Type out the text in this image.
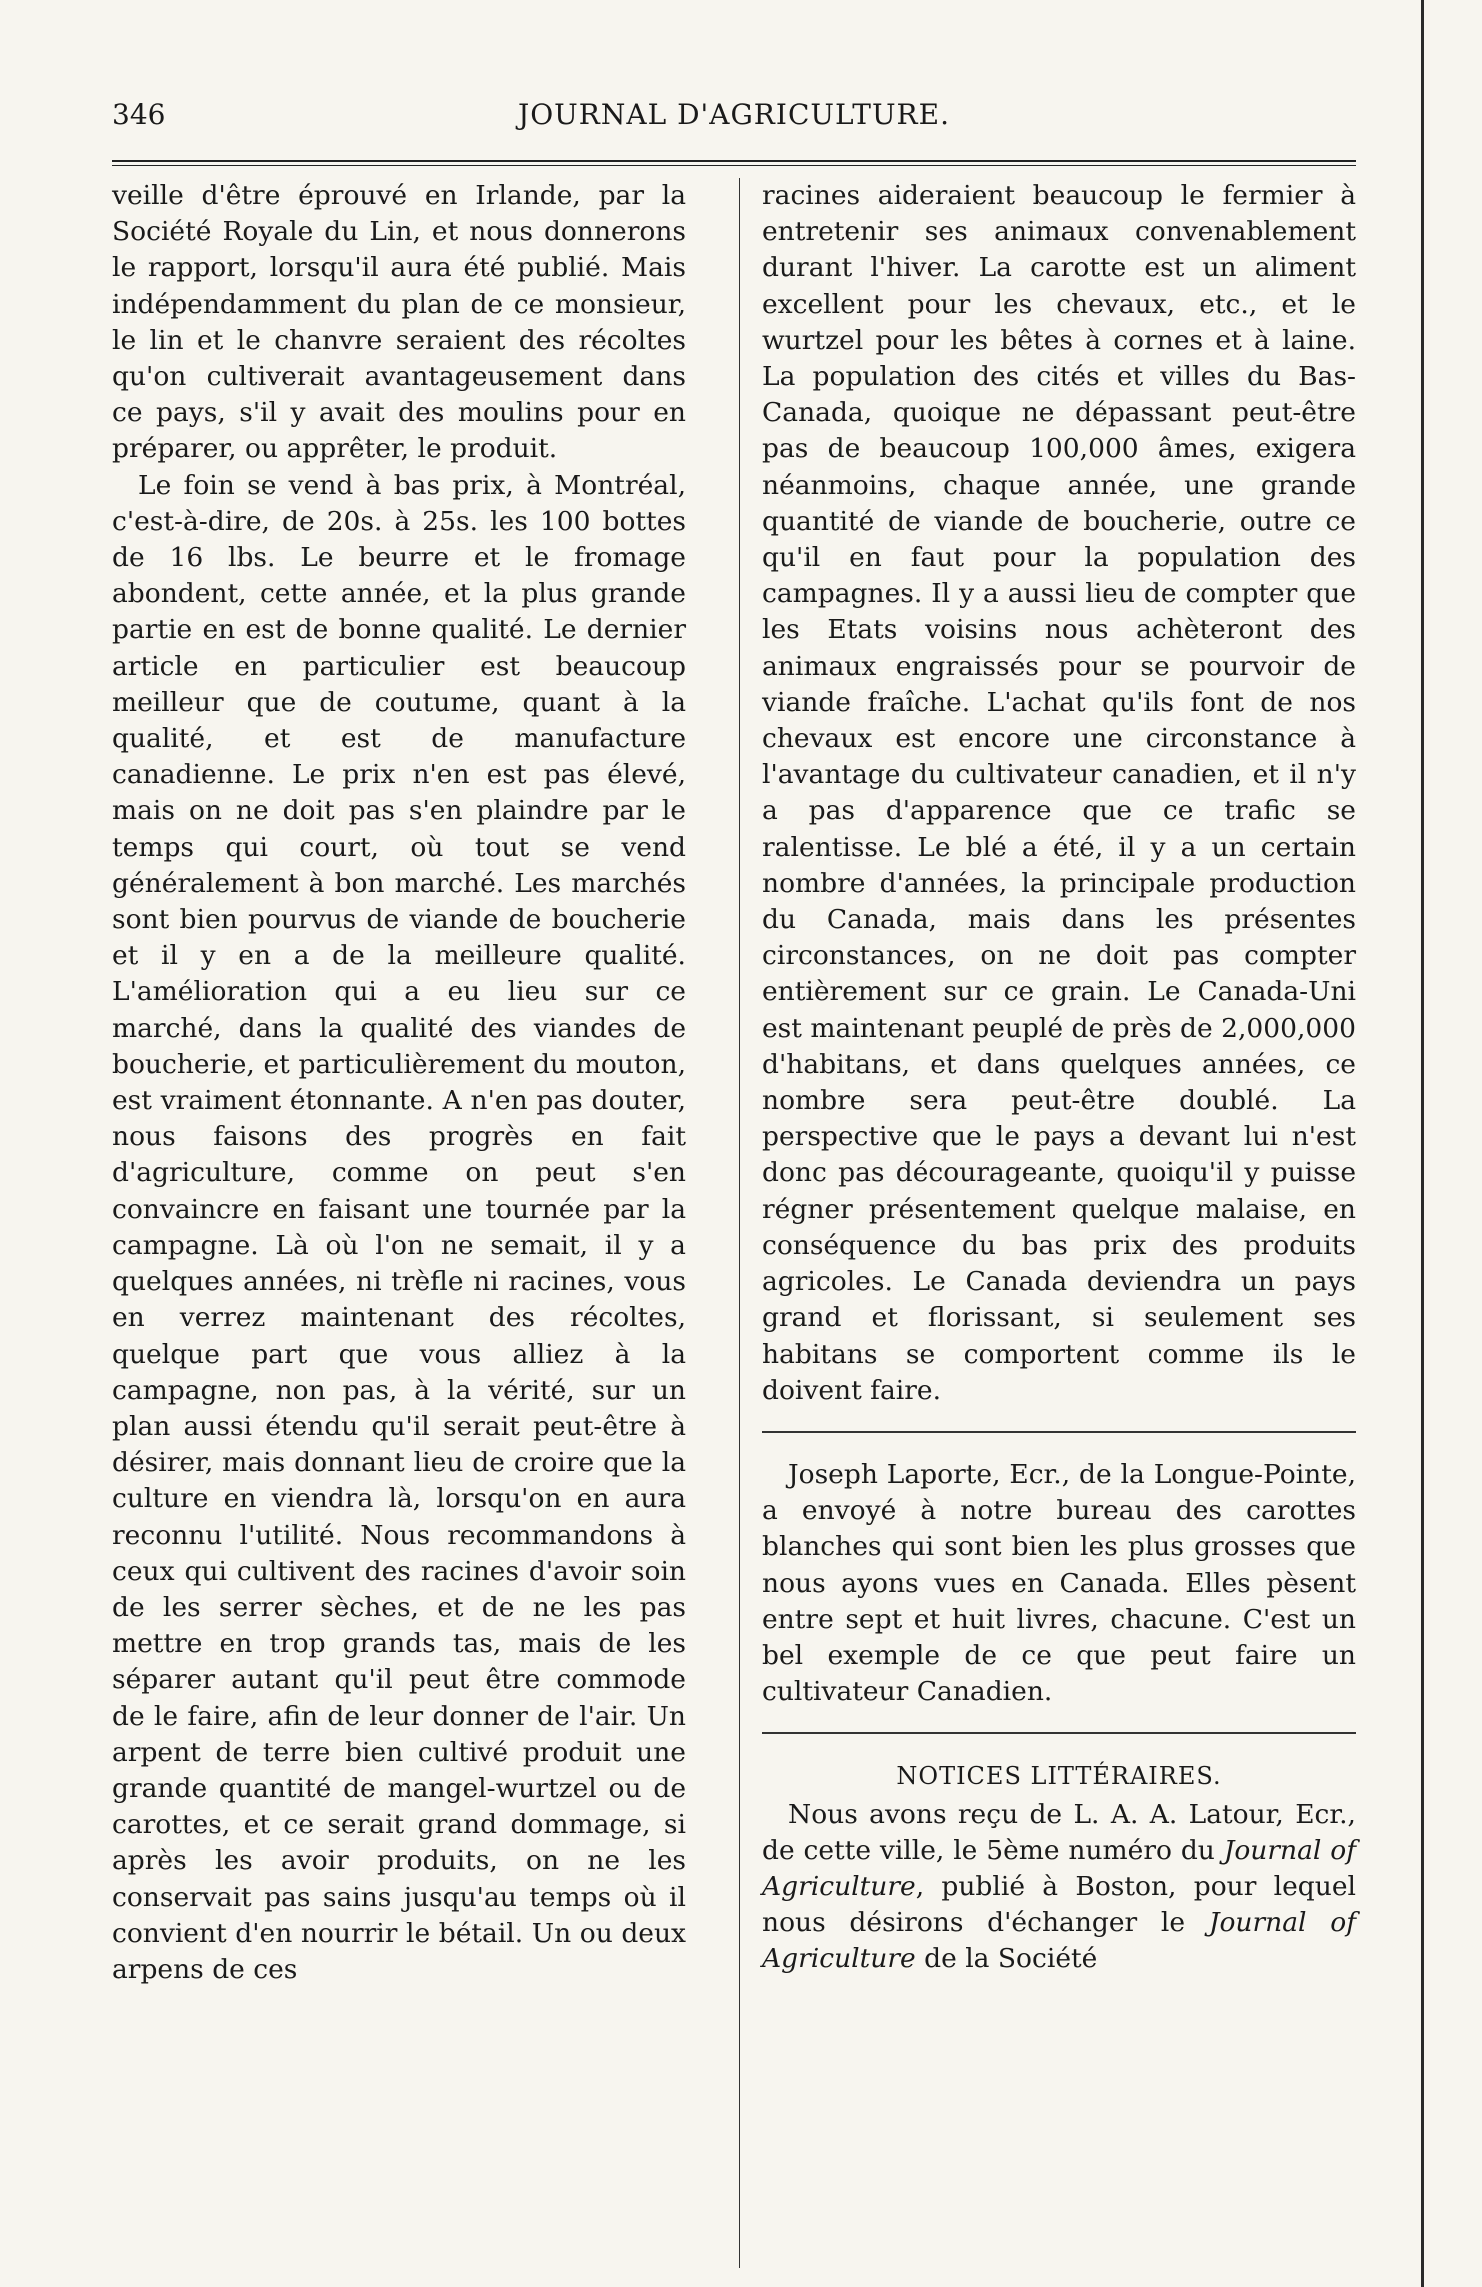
346	JOURNAL D'AGRICULTURE.

veille d'être éprouvé en Irlande, par la Société Royale du Lin, et nous donnerons le rapport, lorsqu'il aura été publié. Mais indépendamment du plan de ce monsieur, le lin et le chanvre seraient des récoltes qu'on cultiverait avantageusement dans ce pays, s'il y avait des moulins pour en préparer, ou apprêter, le produit.

Le foin se vend à bas prix, à Montréal, c'est-à-dire, de 20s. à 25s. les 100 bottes de 16 lbs. Le beurre et le fromage abondent, cette année, et la plus grande partie en est de bonne qualité. Le dernier article en particulier est beaucoup meilleur que de coutume, quant à la qualité, et est de manufacture canadienne. Le prix n'en est pas élevé, mais on ne doit pas s'en plaindre par le temps qui court, où tout se vend généralement à bon marché. Les marchés sont bien pourvus de viande de boucherie et il y en a de la meilleure qualité. L'amélioration qui a eu lieu sur ce marché, dans la qualité des viandes de boucherie, et particulièrement du mouton, est vraiment étonnante. A n'en pas douter, nous faisons des progrès en fait d'agriculture, comme on peut s'en convaincre en faisant une tournée par la campagne. Là où l'on ne semait, il y a quelques années, ni trèfle ni racines, vous en verrez maintenant des récoltes, quelque part que vous alliez à la campagne, non pas, à la vérité, sur un plan aussi étendu qu'il serait peut-être à désirer, mais donnant lieu de croire que la culture en viendra là, lorsqu'on en aura reconnu l'utilité. Nous recommandons à ceux qui cultivent des racines d'avoir soin de les serrer sèches, et de ne les pas mettre en trop grands tas, mais de les séparer autant qu'il peut être commode de le faire, afin de leur donner de l'air. Un arpent de terre bien cultivé produit une grande quantité de mangel-wurtzel ou de carottes, et ce serait grand dommage, si après les avoir produits, on ne les conservait pas sains jusqu'au temps où il convient d'en nourrir le bétail. Un ou deux arpens de ces

racines aideraient beaucoup le fermier à entretenir ses animaux convenablement durant l'hiver. La carotte est un aliment excellent pour les chevaux, etc., et le wurtzel pour les bêtes à cornes et à laine. La population des cités et villes du Bas-Canada, quoique ne dépassant peut-être pas de beaucoup 100,000 âmes, exigera néanmoins, chaque année, une grande quantité de viande de boucherie, outre ce qu'il en faut pour la population des campagnes. Il y a aussi lieu de compter que les Etats voisins nous achèteront des animaux engraissés pour se pourvoir de viande fraîche. L'achat qu'ils font de nos chevaux est encore une circonstance à l'avantage du cultivateur canadien, et il n'y a pas d'apparence que ce trafic se ralentisse. Le blé a été, il y a un certain nombre d'années, la principale production du Canada, mais dans les présentes circonstances, on ne doit pas compter entièrement sur ce grain. Le Canada-Uni est maintenant peuplé de près de 2,000,000 d'habitans, et dans quelques années, ce nombre sera peut-être doublé. La perspective que le pays a devant lui n'est donc pas décourageante, quoiqu'il y puisse régner présentement quelque malaise, en conséquence du bas prix des produits agricoles. Le Canada deviendra un pays grand et florissant, si seulement ses habitans se comportent comme ils le doivent faire.

Joseph Laporte, Ecr., de la Longue-Pointe, a envoyé à notre bureau des carottes blanches qui sont bien les plus grosses que nous ayons vues en Canada. Elles pèsent entre sept et huit livres, chacune. C'est un bel exemple de ce que peut faire un cultivateur Canadien.

NOTICES LITTÉRAIRES.

Nous avons reçu de L. A. A. Latour, Ecr., de cette ville, le 5ème numéro du Journal of Agriculture, publié à Boston, pour lequel nous désirons d'échanger le Journal of Agriculture de la Société
